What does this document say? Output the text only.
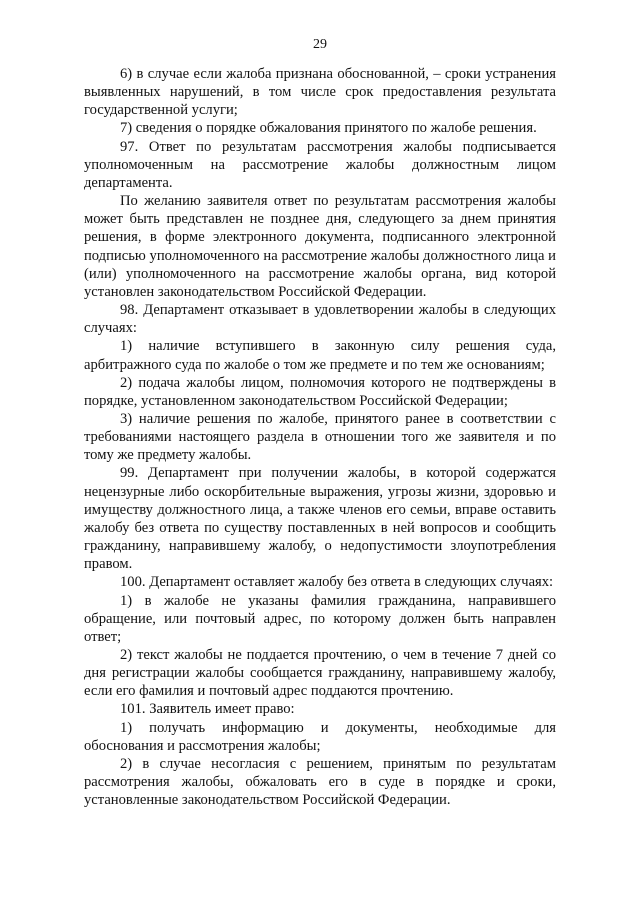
29

6) в случае если жалоба признана обоснованной, – сроки устранения выявленных нарушений, в том числе срок предоставления результата государственной услуги;

7) сведения о порядке обжалования принятого по жалобе решения.

97. Ответ по результатам рассмотрения жалобы подписывается уполномоченным на рассмотрение жалобы должностным лицом департамента.

По желанию заявителя ответ по результатам рассмотрения жалобы может быть представлен не позднее дня, следующего за днем принятия решения, в форме электронного документа, подписанного электронной подписью уполномоченного на рассмотрение жалобы должностного лица и (или) уполномоченного на рассмотрение жалобы органа, вид которой установлен законодательством Российской Федерации.

98. Департамент отказывает в удовлетворении жалобы в следующих случаях:

1) наличие вступившего в законную силу решения суда, арбитражного суда по жалобе о том же предмете и по тем же основаниям;

2) подача жалобы лицом, полномочия которого не подтверждены в порядке, установленном законодательством Российской Федерации;

3) наличие решения по жалобе, принятого ранее в соответствии с требованиями настоящего раздела в отношении того же заявителя и по тому же предмету жалобы.

99. Департамент при получении жалобы, в которой содержатся нецензурные либо оскорбительные выражения, угрозы жизни, здоровью и имуществу должностного лица, а также членов его семьи, вправе оставить жалобу без ответа по существу поставленных в ней вопросов и сообщить гражданину, направившему жалобу, о недопустимости злоупотребления правом.

100. Департамент оставляет жалобу без ответа в следующих случаях:

1) в жалобе не указаны фамилия гражданина, направившего обращение, или почтовый адрес, по которому должен быть направлен ответ;

2) текст жалобы не поддается прочтению, о чем в течение 7 дней со дня регистрации жалобы сообщается гражданину, направившему жалобу, если его фамилия и почтовый адрес поддаются прочтению.

101. Заявитель имеет право:

1) получать информацию и документы, необходимые для обоснования и рассмотрения жалобы;

2) в случае несогласия с решением, принятым по результатам рассмотрения жалобы, обжаловать его в суде в порядке и сроки, установленные законодательством Российской Федерации.
